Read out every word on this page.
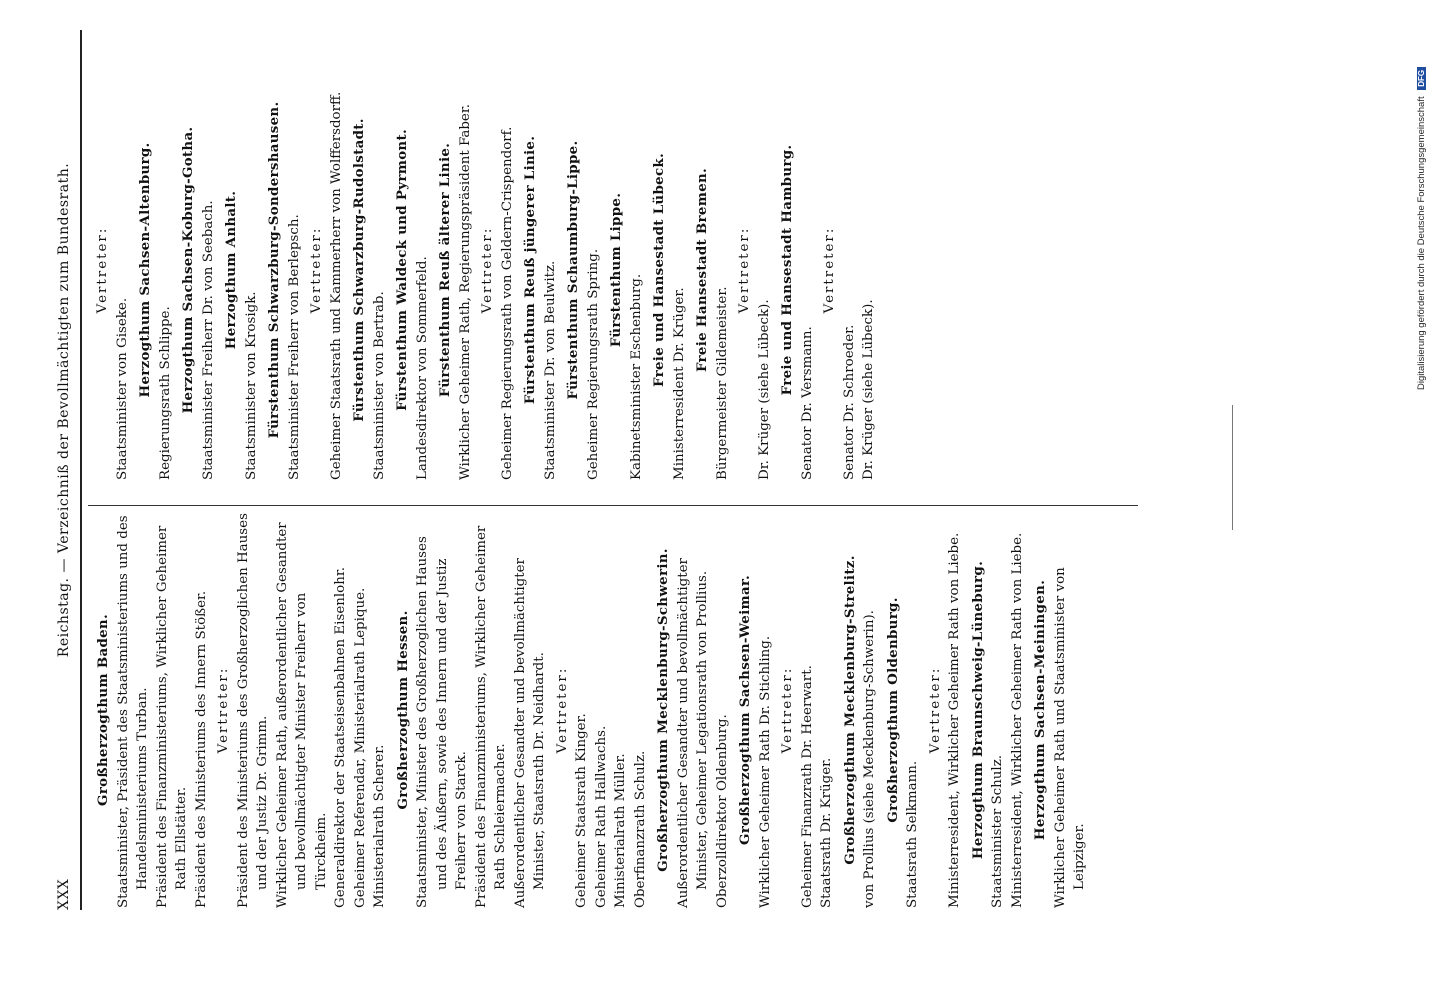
XXX
Reichstag. — Verzeichniß der Bevollmächtigten zum Bundesrath.
Großherzogthum Baden. Staatsminister, Präsident des Staatsministeriums und des Handelsministeriums Turban. Präsident des Finanzministeriums, Wirklicher Geheimer Rath Ellstätter. Präsident des Ministeriums des Innern Stößer. Vertreter: Präsident des Ministeriums des Großherzoglichen Hauses und der Justiz Dr. Grimm. Wirklicher Geheimer Rath, außerordentlicher Gesandter und bevollmächtigter Minister Freiherr von Türckheim. Generaldirektor der Staatseisenbahnen Eisenlohr. Geheimer Referendar, Ministerialrath Lepique. Ministerialrath Scherer.
Großherzogthum Hessen. Staatsminister, Minister des Großherzoglichen Hauses und des Äußern, sowie des Innern und der Justiz Freiherr von Starck. Präsident des Finanzministeriums, Wirklicher Geheimer Rath Schleiermacher. Außerordentlicher Gesandter und bevollmächtigter Minister, Staatsrath Dr. Neidhardt. Vertreter:
Geheimer Staatsrath Kinger. Geheimer Rath Hallwachs. Ministerialrath Müller. Oberfinanzrath Schulz. Großherzogthum Mecklenburg-Schwerin. Außerordentlicher Gesandter und bevollmächtigter Minister, Geheimer Legationsrath von Prollius. Oberzolldirektor Oldenburg. Großherzogthum Sachsen-Weimar. Wirklicher Geheimer Rath Dr. Stichling. Vertreter: Geheimer Finanzrath Dr. Heerwart. Staatsrath Dr. Krüger. Großherzogthum Mecklenburg-Strelitz. von Prollius (siehe Mecklenburg-Schwerin). Großherzogthum Oldenburg.
Staatsrath Selkmann.
Vertreter: Ministerresident, Wirklicher Geheimer Rath von Liebe. Herzogthum Braunschweig-Lüneburg. Staatsminister Schulz. Ministerresident, Wirklicher Geheimer Rath von Liebe. Herzogthum Sachsen-Meiningen. Wirklicher Geheimer Rath und Staatsminister von Leipziger.
Vertreter:
Staatsminister von Giseke. Herzogthum Sachsen-Altenburg. Regierungsrath Schlippe. Herzogthum Sachsen-Koburg-Gotha. Staatsminister Freiherr Dr. von Seebach. Herzogthum Anhalt.
Staatsminister von Krosigk. Fürstenthum Schwarzburg-Sondershausen. Staatsminister Freiherr von Berlepsch. Vertreter: Geheimer Staatsrath und Kammerherr von Wolffersdorff. Fürstenthum Schwarzburg-Rudolstadt. Staatsminister von Bertrab. Fürstenthum Waldeck und Pyrmont. Landesdirektor von Sommerfeld. Fürstenthum Reuß älterer Linie. Wirklicher Geheimer Rath, Regierungspräsident Faber. Vertreter: Geheimer Regierungsrath von Geldern-Crispendorf. Fürstenthum Reuß jüngerer Linie. Staatsminister Dr. von Beulwitz. Fürstenthum Schaumburg-Lippe. Geheimer Regierungsrath Spring. Fürstenthum Lippe.
Kabinetsminister Eschenburg. Freie und Hansestadt Lübeck. Ministerresident Dr. Krüger.
Freie Hansestadt Bremen.
Bürgermeister Gildemeister.
Vertreter:
Dr. Krüger (siehe Lübeck). Freie und Hansestadt Hamburg.
Senator Dr. Versmann.
Vertreter:
Senator Dr. Schroeder. Dr. Krüger (siehe Lübeck).	Digitalisierung gefördert durch die Deutsche Forschungsgemeinschaft DFG
